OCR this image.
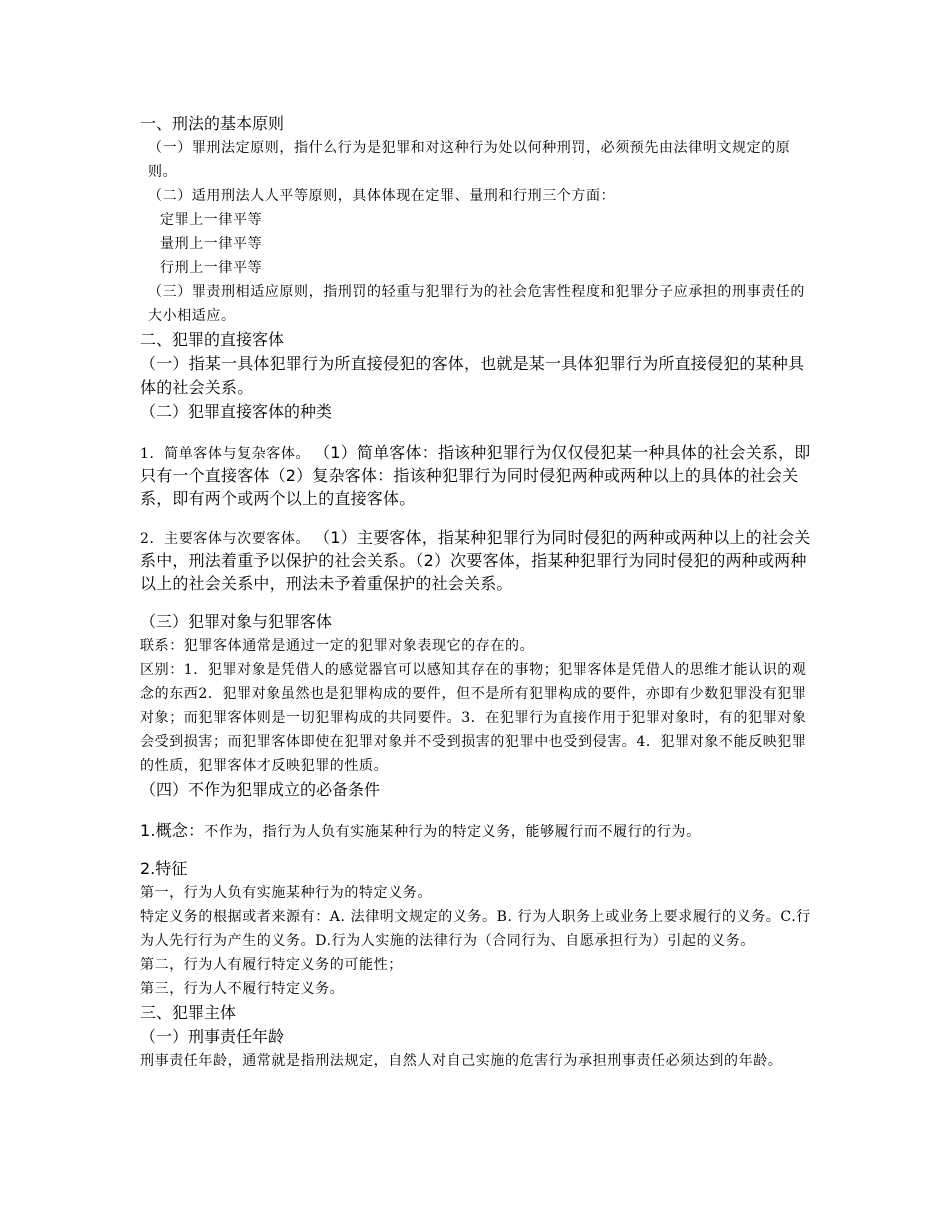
一、刑法的基本原则

（一）罪刑法定原则，指什么行为是犯罪和对这种行为处以何种刑罚，必须预先由法律明文规定的原则。

（二）适用刑法人人平等原则，具体体现在定罪、量刑和行刑三个方面：

定罪上一律平等

量刑上一律平等

行刑上一律平等

（三）罪责刑相适应原则，指刑罚的轻重与犯罪行为的社会危害性程度和犯罪分子应承担的刑事责任的大小相适应。

二、犯罪的直接客体

（一）指某一具体犯罪行为所直接侵犯的客体，也就是某一具体犯罪行为所直接侵犯的某种具体的社会关系。

（二）犯罪直接客体的种类

1．简单客体与复杂客体。 （1）简单客体：指该种犯罪行为仅仅侵犯某一种具体的社会关系，即只有一个直接客体（2）复杂客体：指该种犯罪行为同时侵犯两种或两种以上的具体的社会关系，即有两个或两个以上的直接客体。

2．主要客体与次要客体。 （1）主要客体，指某种犯罪行为同时侵犯的两种或两种以上的社会关系中，刑法着重予以保护的社会关系。（2）次要客体，指某种犯罪行为同时侵犯的两种或两种以上的社会关系中，刑法未予着重保护的社会关系。

（三）犯罪对象与犯罪客体

联系：犯罪客体通常是通过一定的犯罪对象表现它的存在的。

区别：1．犯罪对象是凭借人的感觉器官可以感知其存在的事物；犯罪客体是凭借人的思维才能认识的观念的东西2．犯罪对象虽然也是犯罪构成的要件，但不是所有犯罪构成的要件，亦即有少数犯罪没有犯罪对象；而犯罪客体则是一切犯罪构成的共同要件。3．在犯罪行为直接作用于犯罪对象时，有的犯罪对象会受到损害；而犯罪客体即使在犯罪对象并不受到损害的犯罪中也受到侵害。4．犯罪对象不能反映犯罪的性质，犯罪客体才反映犯罪的性质。

（四）不作为犯罪成立的必备条件

1.概念：不作为，指行为人负有实施某种行为的特定义务，能够履行而不履行的行为。

2.特征

第一，行为人负有实施某种行为的特定义务。

特定义务的根据或者来源有：A. 法律明文规定的义务。B. 行为人职务上或业务上要求履行的义务。C.行为人先行行为产生的义务。D.行为人实施的法律行为（合同行为、自愿承担行为）引起的义务。

第二，行为人有履行特定义务的可能性；

第三，行为人不履行特定义务。

三、犯罪主体

（一）刑事责任年龄

刑事责任年龄，通常就是指刑法规定，自然人对自己实施的危害行为承担刑事责任必须达到的年龄。
